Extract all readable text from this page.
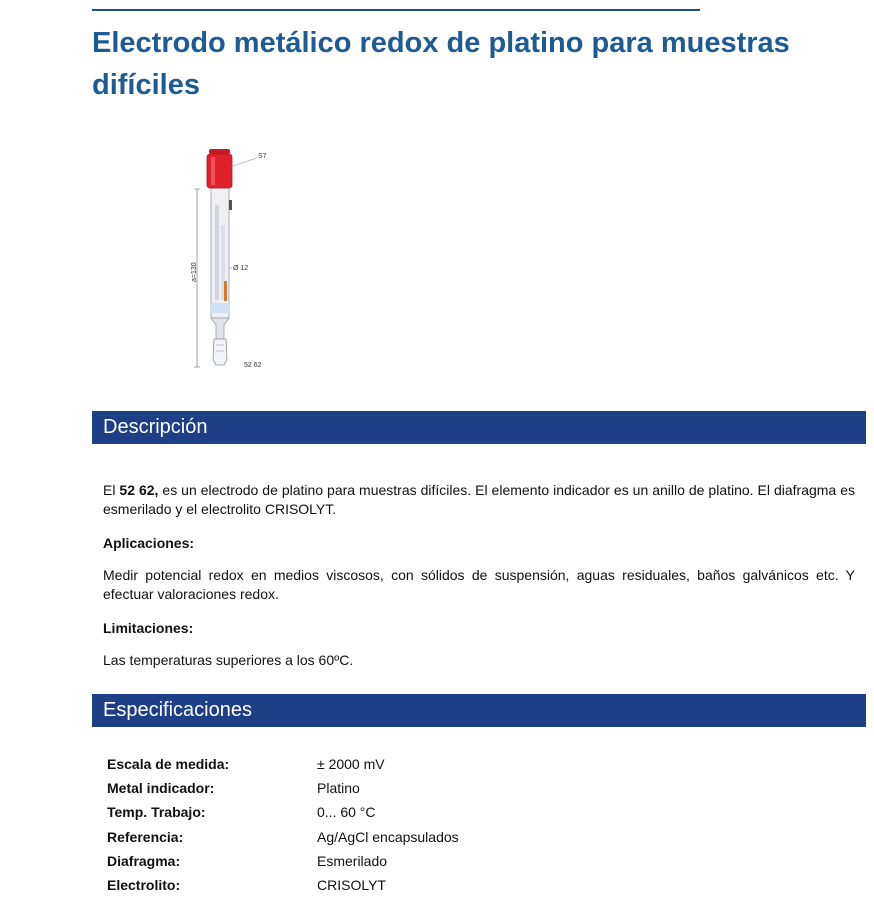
Electrodo metálico redox de platino para muestras difíciles
a=130
S7
Ø 12
52 62
Descripción

El 52 62, es un electrodo de platino para muestras difíciles. El elemento indicador es un anillo de platino. El diafragma es esmerilado y el electrolito CRISOLYT.

Aplicaciones:

Medir potencial redox en medios viscosos, con sólidos de suspensión, aguas residuales, baños galvánicos etc. Y efectuar valoraciones redox.

Limitaciones:

Las temperaturas superiores a los 60ºC.

Especificaciones
Escala de medida:	± 2000 mV
Metal indicador:	Platino
Temp. Trabajo:	0... 60 °C
Referencia:	Ag/AgCl encapsulados
Diafragma:	Esmerilado
Electrolito:	CRISOLYT
